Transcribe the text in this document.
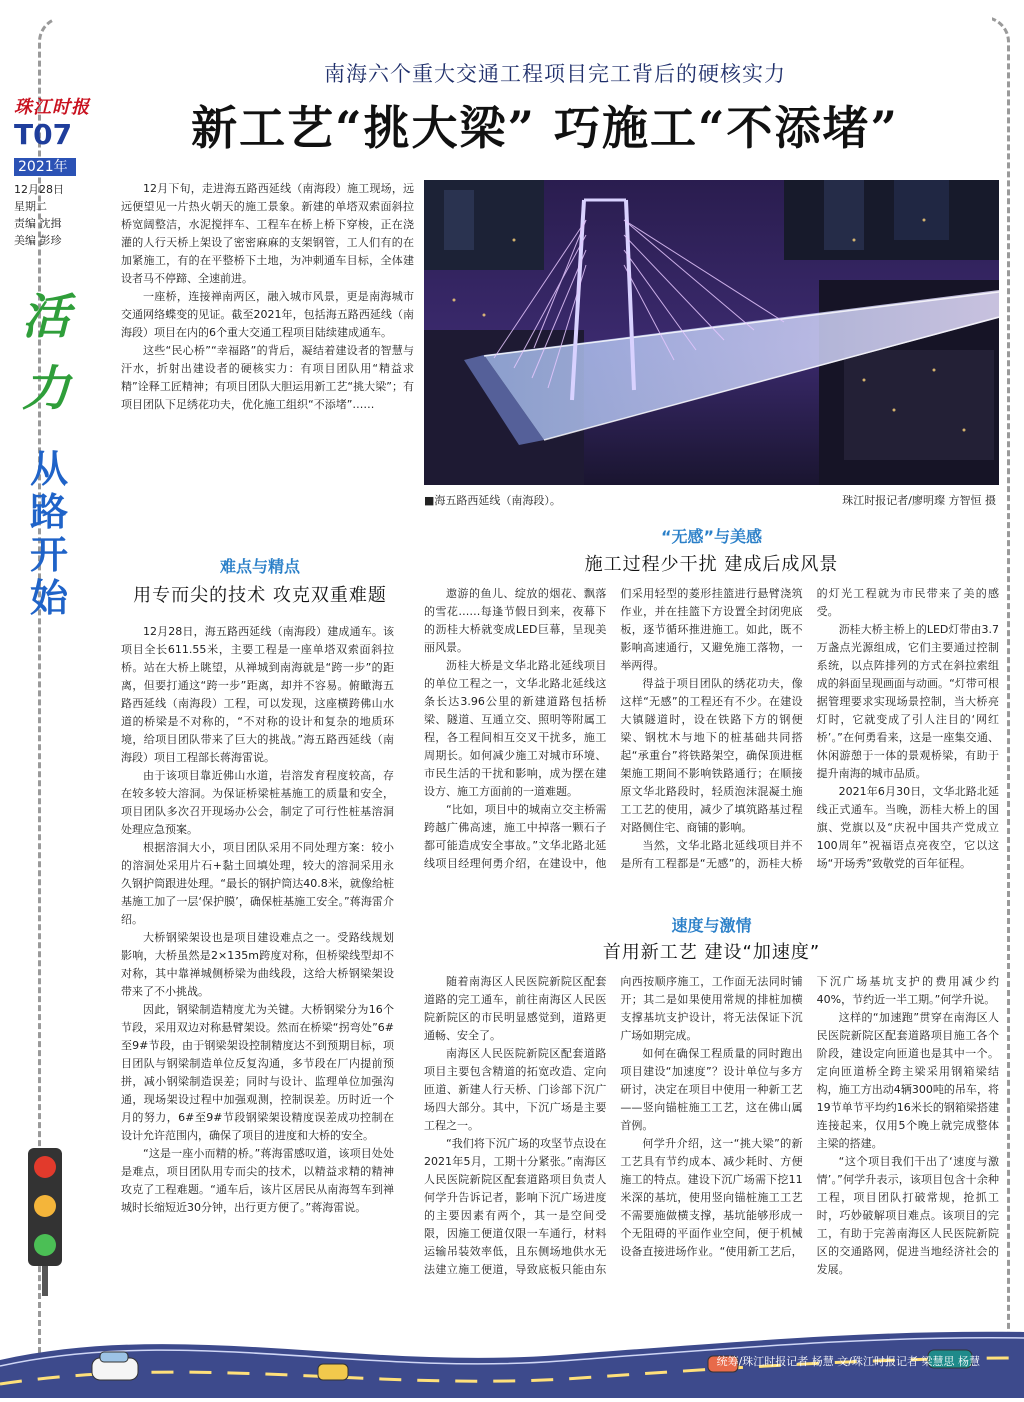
珠江时报
T07
2021年
12月28日
星期二
责编 沈揖
美编 彭珍
活
力
从
路
开
始
南海六个重大交通工程项目完工背后的硬核实力
新工艺“挑大梁” 巧施工“不添堵”

12月下旬，走进海五路西延线（南海段）施工现场，远远便望见一片热火朝天的施工景象。新建的单塔双索面斜拉桥宽阔整洁，水泥搅拌车、工程车在桥上桥下穿梭，正在浇灌的人行天桥上架设了密密麻麻的支架钢管，工人们有的在加紧施工，有的在平整桥下土地，为冲刺通车目标，全体建设者马不停蹄、全速前进。

一座桥，连接禅南两区，融入城市风景，更是南海城市交通网络蝶变的见证。截至2021年，包括海五路西延线（南海段）项目在内的6个重大交通工程项目陆续建成通车。

这些“民心桥”“幸福路”的背后，凝结着建设者的智慧与汗水，折射出建设者的硬核实力：有项目团队用“精益求精”诠释工匠精神；有项目团队大胆运用新工艺“挑大梁”；有项目团队下足绣花功夫，优化施工组织“不添堵”……

■海五路西延线（南海段）。	珠江时报记者/廖明璨 方智恒 摄
难点与精点
用专而尖的技术 攻克双重难题

12月28日，海五路西延线（南海段）建成通车。该项目全长611.55米，主要工程是一座单塔双索面斜拉桥。站在大桥上眺望，从禅城到南海就是“跨一步”的距离，但要打通这“跨一步”距离，却并不容易。俯瞰海五路西延线（南海段）工程，可以发现，这座横跨佛山水道的桥梁是不对称的，“不对称的设计和复杂的地质环境，给项目团队带来了巨大的挑战。”海五路西延线（南海段）项目工程部长蒋海雷说。

由于该项目靠近佛山水道，岩溶发育程度较高，存在较多较大溶洞。为保证桥梁桩基施工的质量和安全，项目团队多次召开现场办公会，制定了可行性桩基溶洞处理应急预案。

根据溶洞大小，项目团队采用不同处理方案：较小的溶洞处采用片石+黏土回填处理，较大的溶洞采用永久钢护筒跟进处理。“最长的钢护筒达40.8米，就像给桩基施工加了一层‘保护膜’，确保桩基施工安全。”蒋海雷介绍。

大桥钢梁架设也是项目建设难点之一。受路线规划影响，大桥虽然是2×135m跨度对称，但桥梁线型却不对称，其中靠禅城侧桥梁为曲线段，这给大桥钢梁架设带来了不小挑战。

因此，钢梁制造精度尤为关键。大桥钢梁分为16个节段，采用双边对称悬臂架设。然而在桥梁“拐弯处”6#至9#节段，由于钢梁架设控制精度达不到预期目标，项目团队与钢梁制造单位反复沟通，多节段在厂内提前预拼，减小钢梁制造误差；同时与设计、监理单位加强沟通，现场架设过程中加强观测，控制误差。历时近一个月的努力，6#至9#节段钢梁架设精度误差成功控制在设计允许范围内，确保了项目的进度和大桥的安全。

“这是一座小而精的桥。”蒋海雷感叹道，该项目处处是难点，项目团队用专而尖的技术，以精益求精的精神攻克了工程难题。“通车后，该片区居民从南海驾车到禅城时长缩短近30分钟，出行更方便了。”蒋海雷说。

“无感”与美感
施工过程少干扰 建成后成风景

遨游的鱼儿、绽放的烟花、飘落的雪花……每逢节假日到来，夜幕下的沥桂大桥就变成LED巨幕，呈现美丽风景。

沥桂大桥是文华北路北延线项目的单位工程之一，文华北路北延线这条长达3.96公里的新建道路包括桥梁、隧道、互通立交、照明等附属工程，各工程间相互交叉干扰多，施工周期长。如何减少施工对城市环境、市民生活的干扰和影响，成为摆在建设方、施工方面前的一道难题。

“比如，项目中的城南立交主桥需跨越广佛高速，施工中掉落一颗石子都可能造成安全事故。”文华北路北延线项目经理何勇介绍，在建设中，他们采用轻型的菱形挂篮进行悬臂浇筑作业，并在挂篮下方设置全封闭兜底板，逐节循环推进施工。如此，既不影响高速通行，又避免施工落物，一举两得。

得益于项目团队的绣花功夫，像这样“无感”的工程还有不少。在建设大镇隧道时，设在铁路下方的钢便梁、钢枕木与地下的桩基础共同搭起“承重台”将铁路架空，确保顶进框架施工期间不影响铁路通行；在顺接原文华北路段时，轻质泡沫混凝土施工工艺的使用，减少了填筑路基过程对路侧住宅、商铺的影响。

当然，文华北路北延线项目并不是所有工程都是“无感”的，沥桂大桥的灯光工程就为市民带来了美的感受。

沥桂大桥主桥上的LED灯带由3.7万盏点光源组成，它们主要通过控制系统，以点阵排列的方式在斜拉索组成的斜面呈现画面与动画。“灯带可根据管理要求实现场景控制，当大桥亮灯时，它就变成了引人注目的‘网红桥’。”在何勇看来，这是一座集交通、休闲游憩于一体的景观桥梁，有助于提升南海的城市品质。

2021年6月30日，文华北路北延线正式通车。当晚，沥桂大桥上的国旗、党旗以及“庆祝中国共产党成立100周年”祝福语点亮夜空，它以这场“开场秀”致敬党的百年征程。

速度与激情
首用新工艺 建设“加速度”

随着南海区人民医院新院区配套道路的完工通车，前往南海区人民医院新院区的市民明显感觉到，道路更通畅、安全了。

南海区人民医院新院区配套道路项目主要包含精道的拓宽改造、定向匝道、新建人行天桥、门诊部下沉广场四大部分。其中，下沉广场是主要工程之一。

“我们将下沉广场的攻坚节点设在2021年5月，工期十分紧张。”南海区人民医院新院区配套道路项目负责人何学升告诉记者，影响下沉广场进度的主要因素有两个，其一是空间受限，因施工便道仅限一车通行，材料运输吊装效率低，且东侧场地供水无法建立施工便道，导致底板只能由东向西按顺序施工，工作面无法同时铺开；其二是如果使用常规的排桩加横支撑基坑支护设计，将无法保证下沉广场如期完成。

如何在确保工程质量的同时跑出项目建设“加速度”？设计单位与多方研讨，决定在项目中使用一种新工艺——竖向锚桩施工工艺，这在佛山属首例。

何学升介绍，这一“挑大梁”的新工艺具有节约成本、减少耗时、方便施工的特点。建设下沉广场需下挖11米深的基坑，使用竖向锚桩施工工艺不需要施做横支撑，基坑能够形成一个无阻碍的平面作业空间，便于机械设备直接进场作业。“使用新工艺后，下沉广场基坑支护的费用减少约40%，节约近一半工期。”何学升说。

这样的“加速跑”贯穿在南海区人民医院新院区配套道路项目施工各个阶段，建设定向匝道也是其中一个。定向匝道桥全跨主梁采用钢箱梁结构，施工方出动4辆300吨的吊车，将19节单节平均约16米长的钢箱梁搭建连接起来，仅用5个晚上就完成整体主梁的搭建。

“这个项目我们干出了‘速度与激情’。”何学升表示，该项目包含十余种工程，项目团队打破常规，抢抓工时，巧妙破解项目难点。该项目的完工，有助于完善南海区人民医院新院区的交通路网，促进当地经济社会的发展。

统筹/珠江时报记者 杨慧 文/珠江时报记者 梁慧思 杨慧
